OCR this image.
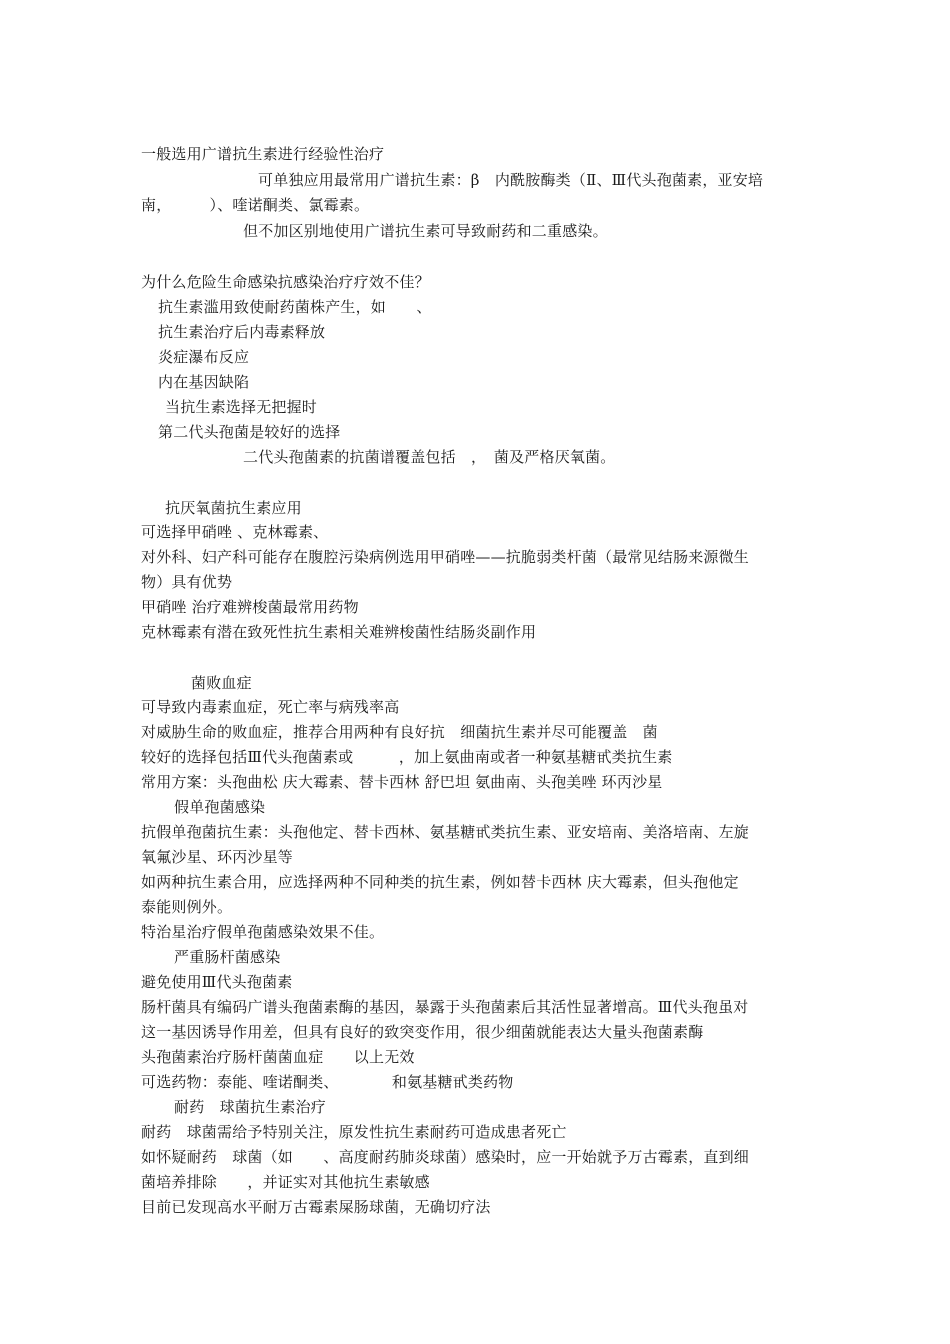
一般选用广谱抗生素进行经验性治疗
可单独应用最常用广谱抗生素：β　内酰胺酶类（Ⅱ、Ⅲ代头孢菌素，亚安培
南，　　　）、喹诺酮类、氯霉素。
但不加区别地使用广谱抗生素可导致耐药和二重感染。
为什么危险生命感染抗感染治疗疗效不佳？
抗生素滥用致使耐药菌株产生，如　　、
抗生素治疗后内毒素释放
炎症瀑布反应
内在基因缺陷
当抗生素选择无把握时
第二代头孢菌是较好的选择
二代头孢菌素的抗菌谱覆盖包括　，　菌及严格厌氧菌。
抗厌氧菌抗生素应用
可选择甲硝唑 、克林霉素、
对外科、妇产科可能存在腹腔污染病例选用甲硝唑——抗脆弱类杆菌（最常见结肠来源微生
物）具有优势
甲硝唑 治疗难辨梭菌最常用药物
克林霉素有潜在致死性抗生素相关难辨梭菌性结肠炎副作用
菌败血症
可导致内毒素血症，死亡率与病残率高
对威胁生命的败血症，推荐合用两种有良好抗　细菌抗生素并尽可能覆盖　菌
较好的选择包括Ⅲ代头孢菌素或　　　，加上氨曲南或者一种氨基糖甙类抗生素
常用方案：头孢曲松 庆大霉素、替卡西林 舒巴坦 氨曲南、头孢美唑 环丙沙星
假单孢菌感染
抗假单孢菌抗生素：头孢他定、替卡西林、氨基糖甙类抗生素、亚安培南、美洛培南、左旋
氧氟沙星、环丙沙星等
如两种抗生素合用，应选择两种不同种类的抗生素，例如替卡西林 庆大霉素，但头孢他定
泰能则例外。
特治星治疗假单孢菌感染效果不佳。
严重肠杆菌感染
避免使用Ⅲ代头孢菌素
肠杆菌具有编码广谱头孢菌素酶的基因，暴露于头孢菌素后其活性显著增高。Ⅲ代头孢虽对
这一基因诱导作用差，但具有良好的致突变作用，很少细菌就能表达大量头孢菌素酶
头孢菌素治疗肠杆菌菌血症　　以上无效
可选药物：泰能、喹诺酮类、　　　　和氨基糖甙类药物
耐药　球菌抗生素治疗
耐药　球菌需给予特别关注，原发性抗生素耐药可造成患者死亡
如怀疑耐药　球菌（如　　、高度耐药肺炎球菌）感染时，应一开始就予万古霉素，直到细
菌培养排除　　，并证实对其他抗生素敏感
目前已发现高水平耐万古霉素屎肠球菌，无确切疗法
